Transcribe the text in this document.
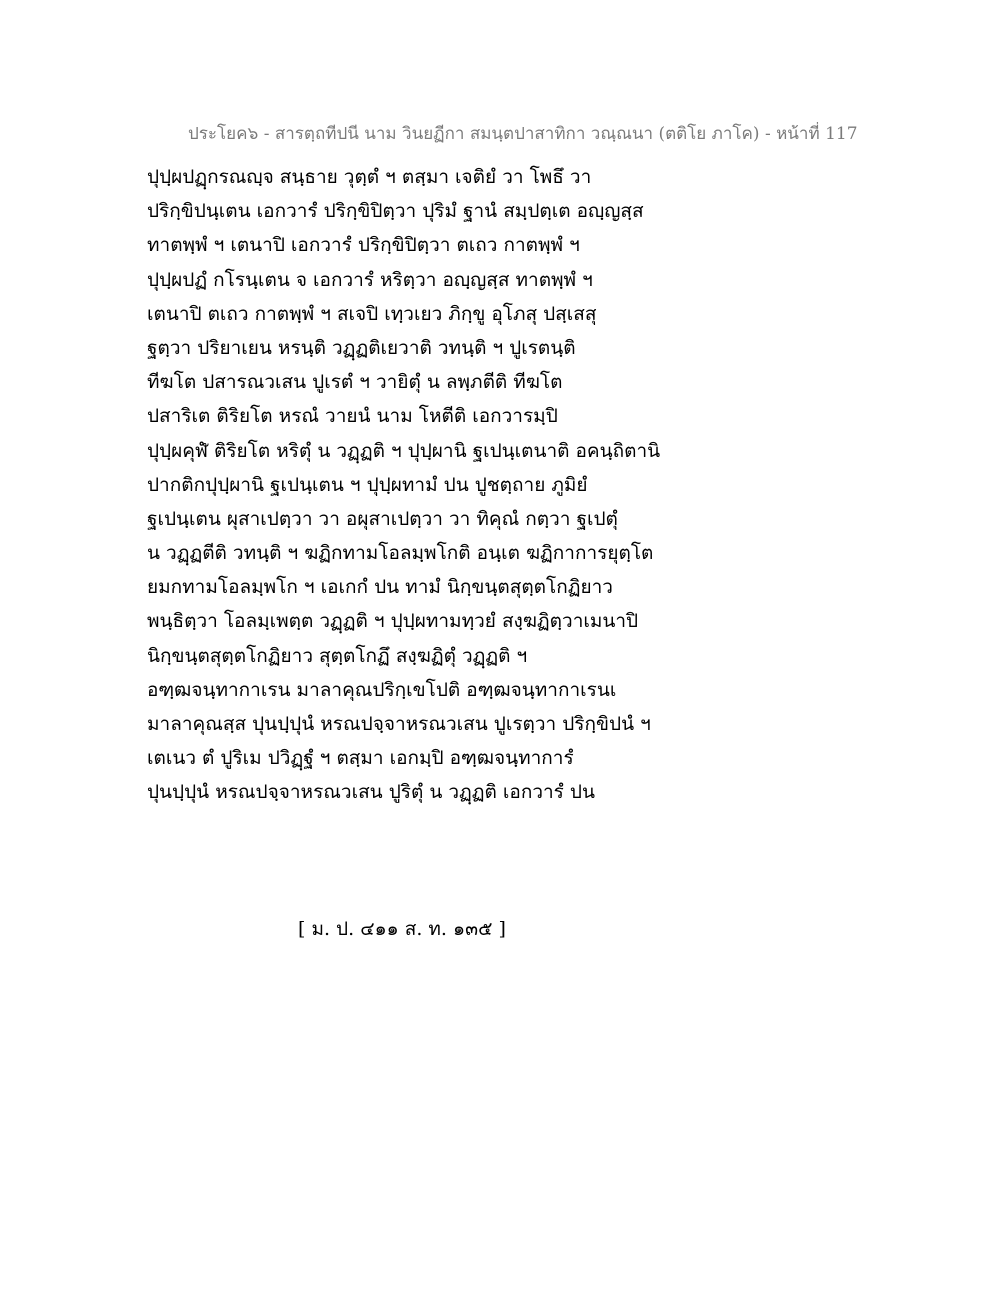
ประโยค๖ - สารตฺถทีปนี นาม วินยฏีกา สมนฺตปาสาทิกา วณฺณนา (ตติโย ภาโค) - หน้าที่ 117
ปุปฺผปฏฺกรณญฺจ สนฺธาย วุตฺตํ ฯ ตสฺมา เจติยํ วา โพธึ วา
ปริกฺขิปนฺเตน เอกวารํ ปริกฺขิปิตฺวา ปุริมํ ฐานํ สมฺปตฺเต อญฺญสฺส
ทาตพฺพํ ฯ เตนาปิ เอกวารํ ปริกฺขิปิตฺวา ตเถว กาตพฺพํ ฯ
ปุปฺผปฏํ กโรนฺเตน จ เอกวารํ หริตฺวา อญฺญสฺส ทาตพฺพํ ฯ
เตนาปิ ตเถว กาตพฺพํ ฯ สเจปิ เทฺวเยว ภิกฺขู อุโภสุ ปสฺเสสุ
ฐตฺวา ปริยาเยน หรนฺติ วฏฺฏติเยวาติ วทนฺติ ฯ ปูเรตนฺติ
ทีฆโต ปสารณวเสน ปูเรตํ ฯ วายิตุํ น ลพฺภตีติ ทีฆโต
ปสาริเต ติริยโต หรณํ วายนํ นาม โหตีติ เอกวารมฺปิ
ปุปฺผคุฬํ ติริยโต หริตุํ น วฏฺฏติ ฯ ปุปฺผานิ ฐเปนฺเตนาติ อคนฺถิตานิ
ปากติกปุปฺผานิ ฐเปนฺเตน ฯ ปุปฺผทามํ ปน ปูชตฺถาย ภูมิยํ
ฐเปนฺเตน ผุสาเปตฺวา วา อผุสาเปตฺวา วา ทิคุณํ กตฺวา ฐเปตุํ
น วฏฺฏตีติ วทนฺติ ฯ ฆฏิกทามโอลมฺพโกติ อนฺเต ฆฏิกาการยุตฺโต
ยมกทามโอลมฺพโก ฯ เอเกกํ ปน ทามํ นิกฺขนฺตสุตฺตโกฏิยาว
พนฺธิตฺวา โอลมฺเพตฺต วฏฺฏติ ฯ ปุปฺผทามทฺวยํ สงฺฆฏิตฺวาเมนาปิ
นิกฺขนฺตสุตฺตโกฏิยาว สุตฺตโกฏึ สงฺฆฏิตุํ วฏฺฏติ ฯ
อฑฺฒจนฺทากาเรน มาลาคุณปริกฺเขโปติ อฑฺฒจนฺทากาเรนเ
มาลาคุณสฺส ปุนปฺปุนํ หรณปจฺจาหรณวเสน ปูเรตฺวา ปริกฺขิปนํ ฯ
เตเนว ตํ ปูริเม ปวิฏฺฐํ ฯ ตสฺมา เอกมฺปิ อฑฺฒจนฺทาการํ
ปุนปฺปุนํ หรณปจฺจาหรณวเสน ปูริตุํ น วฏฺฏติ เอกวารํ ปน
[ ม. ป. ๔๑๑ ส. ท. ๑๓๕ ]
